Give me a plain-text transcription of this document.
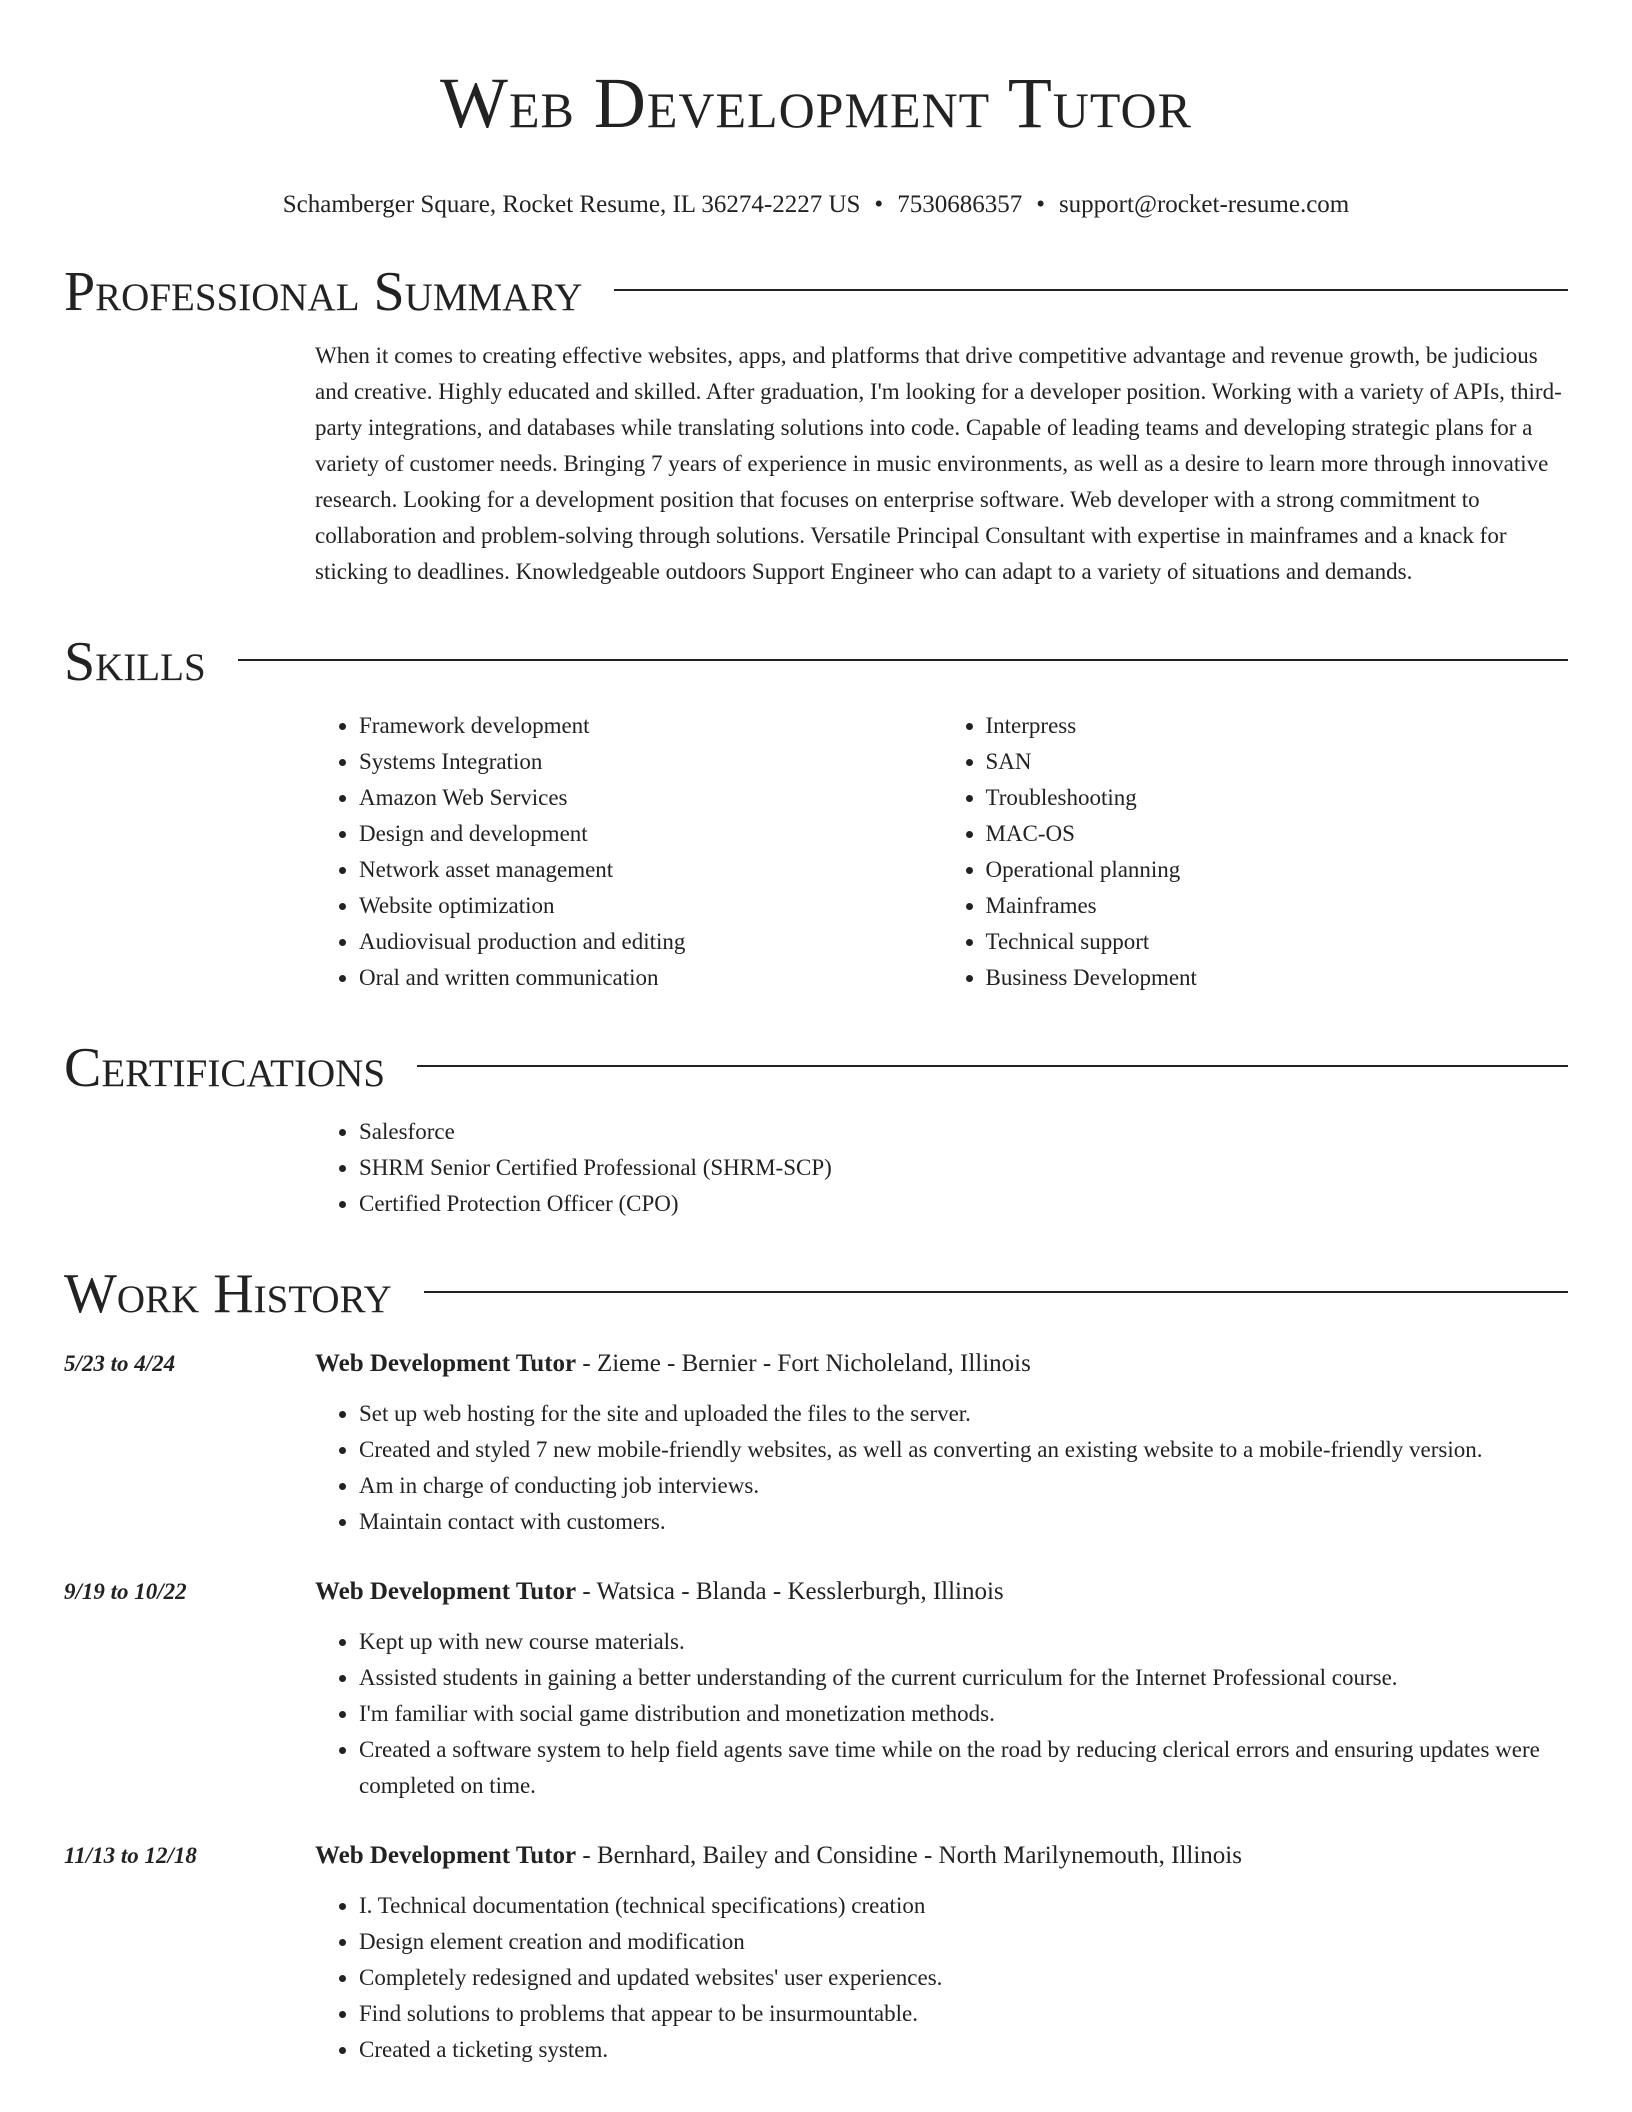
Web Development Tutor
Schamberger Square, Rocket Resume, IL 36274-2227 US • 7530686357 • support@rocket-resume.com
Professional Summary

When it comes to creating effective websites, apps, and platforms that drive competitive advantage and revenue growth, be judicious and creative. Highly educated and skilled. After graduation, I'm looking for a developer position. Working with a variety of APIs, third-party integrations, and databases while translating solutions into code. Capable of leading teams and developing strategic plans for a variety of customer needs. Bringing 7 years of experience in music environments, as well as a desire to learn more through innovative research. Looking for a development position that focuses on enterprise software. Web developer with a strong commitment to collaboration and problem-solving through solutions. Versatile Principal Consultant with expertise in mainframes and a knack for sticking to deadlines. Knowledgeable outdoors Support Engineer who can adapt to a variety of situations and demands.

Skills
• Framework development
• Systems Integration
• Amazon Web Services
• Design and development
• Network asset management
• Website optimization
• Audiovisual production and editing
• Oral and written communication
• Interpress
• SAN
• Troubleshooting
• MAC-OS
• Operational planning
• Mainframes
• Technical support
• Business Development
Certifications
• Salesforce
• SHRM Senior Certified Professional (SHRM-SCP)
• Certified Protection Officer (CPO)
Work History
5/23 to 4/24	Web Development Tutor - Zieme - Bernier - Fort Nicholeland, Illinois
• Set up web hosting for the site and uploaded the files to the server.
• Created and styled 7 new mobile-friendly websites, as well as converting an existing website to a mobile-friendly version.
• Am in charge of conducting job interviews.
• Maintain contact with customers.
9/19 to 10/22	Web Development Tutor - Watsica - Blanda - Kesslerburgh, Illinois
• Kept up with new course materials.
• Assisted students in gaining a better understanding of the current curriculum for the Internet Professional course.
• I'm familiar with social game distribution and monetization methods.
• Created a software system to help field agents save time while on the road by reducing clerical errors and ensuring updates were completed on time.
11/13 to 12/18	Web Development Tutor - Bernhard, Bailey and Considine - North Marilynemouth, Illinois
• I. Technical documentation (technical specifications) creation
• Design element creation and modification
• Completely redesigned and updated websites' user experiences.
• Find solutions to problems that appear to be insurmountable.
• Created a ticketing system.
